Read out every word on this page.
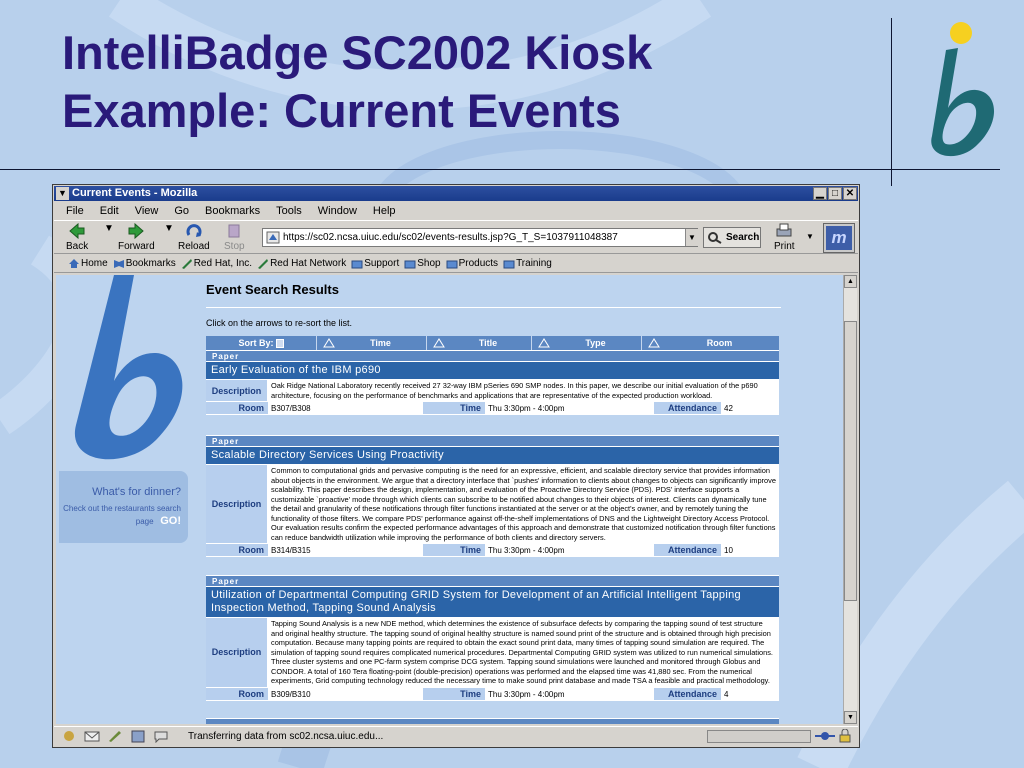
IntelliBadge SC2002 Kiosk
Example: Current Events
▼ Current Events - Mozilla	▁ □ ✕
File	Edit	View	Go	Bookmarks	Tools	Window	Help
Back
▼
Forward
▼
Reload Stop
https://sc02.ncsa.uiuc.edu/sc02/events-results.jsp?G_T_S=1037911048387	▼	Search
Print
▼	m
Home Bookmarks Red Hat, Inc. Red Hat Network Support Shop Products Training
What's for dinner?
Check out the restaurants search
page GO!
Event Search Results
Click on the arrows to re-sort the list.
Sort By:	Time	Title	Type	Room
Paper
Early Evaluation of the IBM p690
Description	Oak Ridge National Laboratory recently received 27 32-way IBM pSeries 690 SMP nodes. In this paper, we describe our initial evaluation of the p690 architecture, focusing on the performance of benchmarks and applications that are representative of the expected production workload.
Room B307/B308	Time Thu 3:30pm - 4:00pm	Attendance 42
Paper
Scalable Directory Services Using Proactivity
Description
Common to computational grids and pervasive computing is the need for an expressive, efficient, and scalable directory service that provides information about objects in the environment. We argue that a directory interface that `pushes' information to clients about changes to objects can significantly improve scalability. This paper describes the design, implementation, and evaluation of the Proactive Directory Service (PDS). PDS' interface supports a customizable `proactive' mode through which clients can subscribe to be notified about changes to their objects of interest. Clients can dynamically tune the detail and granularity of these notifications through filter functions instantiated at the server or at the object's owner, and by remotely tuning the functionality of those filters. We compare PDS' performance against off-the-shelf implementations of DNS and the Lightweight Directory Access Protocol. Our evaluation results confirm the expected performance advantages of this approach and demonstrate that customized notification through filter functions can reduce bandwidth utilization while improving the performance of both clients and directory servers.
Room B314/B315	Time Thu 3:30pm - 4:00pm	Attendance 10
Paper
Utilization of Departmental Computing GRID System for Development of an Artificial Intelligent Tapping Inspection Method, Tapping Sound Analysis
Description
Tapping Sound Analysis is a new NDE method, which determines the existence of subsurface defects by comparing the tapping sound of test structure and original healthy structure. The tapping sound of original healthy structure is named sound print of the structure and is obtained through high precision computation. Because many tapping points are required to obtain the exact sound print data, many times of tapping sound simulation are required. The simulation of tapping sound requires complicated numerical procedures. Departmental Computing GRID system was utilized to run numerical simulations. Three cluster systems and one PC-farm system comprise DCG system. Tapping sound simulations were launched and monitored through Globus and CONDOR. A total of 160 Tera floating-point (double-precision) operations was performed and the elapsed time was 41,880 sec. From the numerical experiments, Grid computing technology reduced the necessary time to make sound print database and made TSA a feasible and practical methodology.
Room B309/B310	Time Thu 3:30pm - 4:00pm	Attendance 4
▲
▼
Transferring data from sc02.ncsa.uiuc.edu...
